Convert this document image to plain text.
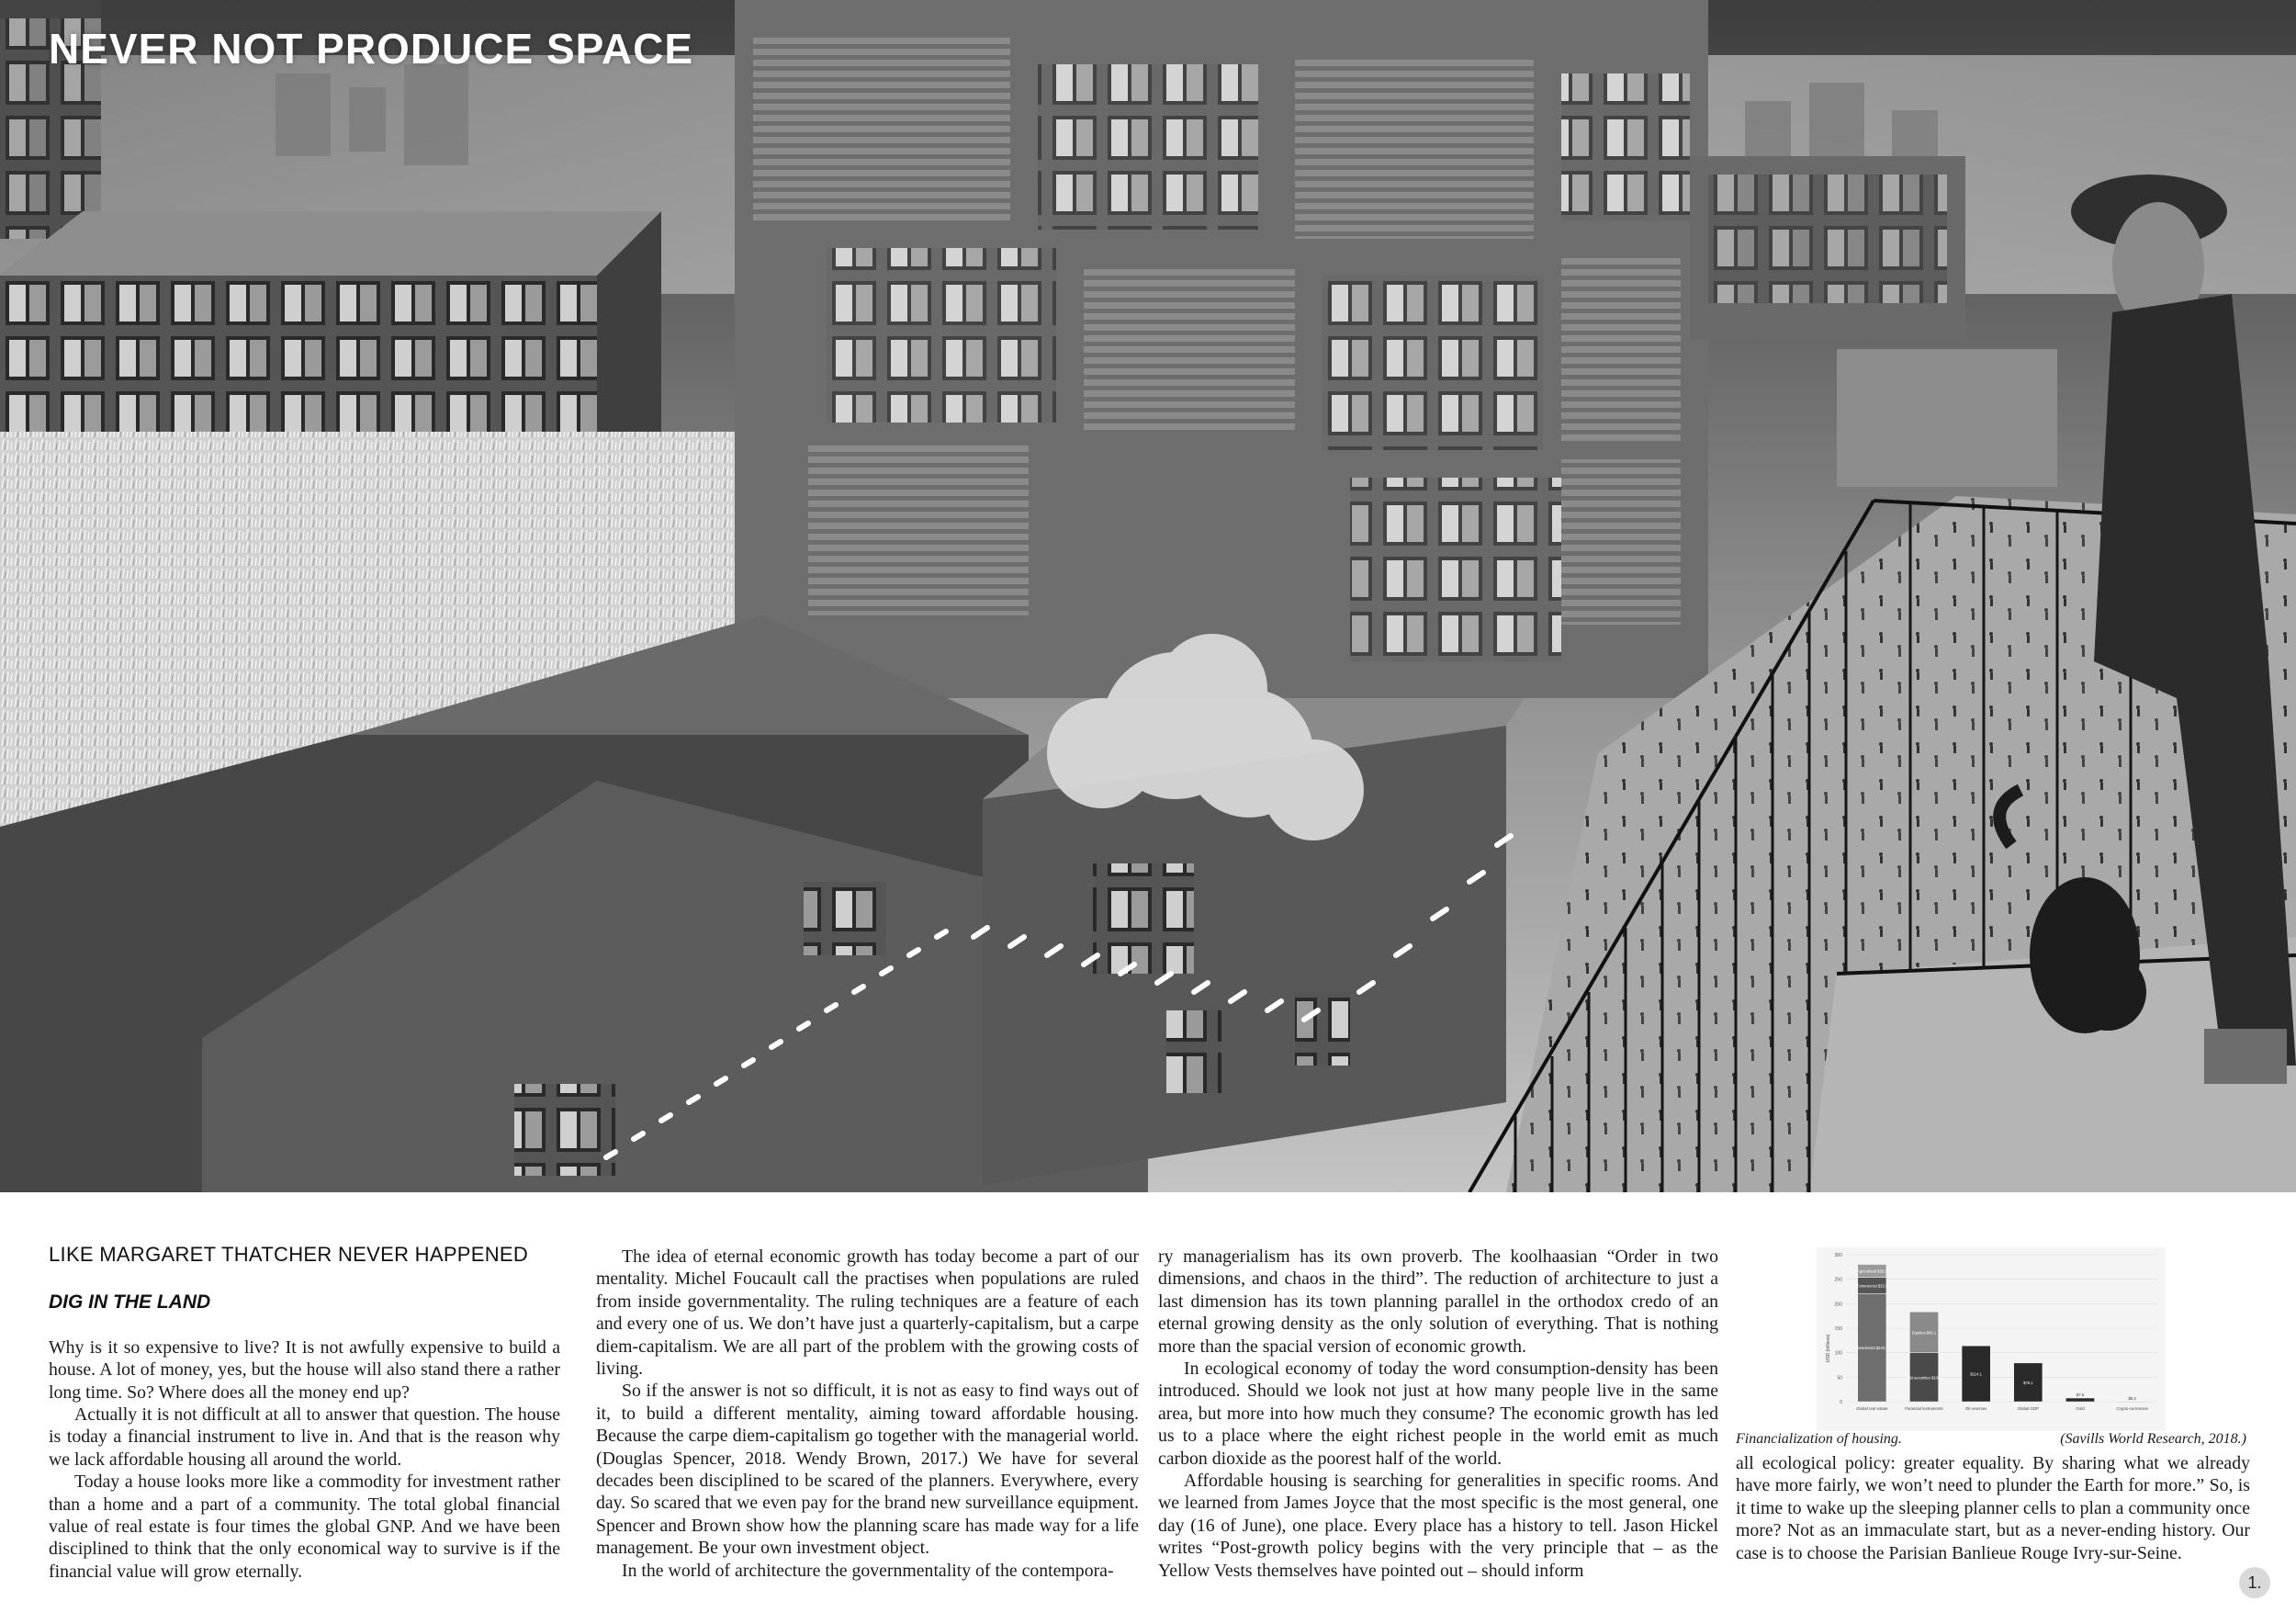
NEVER NOT PRODUCE SPACE
LIKE MARGARET THATCHER NEVER HAPPENED
DIG IN THE LAND

Why is it so expensive to live? It is not awfully expensive to build a house. A lot of money, yes, but the house will also stand there a rather long time. So? Where does all the money end up?

Actually it is not difficult at all to answer that question. The house is today a financial instrument to live in. And that is the reason why we lack affordable housing all around the world.

Today a house looks more like a commodity for investment rather than a home and a part of a community. The total global financial value of real estate is four times the global GNP. And we have been disciplined to think that the only economical way to survive is if the financial value will grow eternally.

The idea of eternal economic growth has today become a part of our mentality. Michel Foucault call the practises when populations are ruled from inside governmentality. The ruling techniques are a feature of each and every one of us. We don’t have just a quarterly-capitalism, but a carpe diem-capitalism. We are all part of the problem with the growing costs of living.

So if the answer is not so difficult, it is not as easy to find ways out of it, to build a different mentality, aiming toward affordable housing. Because the carpe diem-capitalism go together with the managerial world. (Douglas Spencer, 2018. Wendy Brown, 2017.) We have for several decades been disciplined to be scared of the planners. Everywhere, every day. So scared that we even pay for the brand new surveillance equipment. Spencer and Brown show how the planning scare has made way for a life management. Be your own investment object.

In the world of architecture the governmentality of the contempora-

ry managerialism has its own proverb. The koolhaasian “Order in two dimensions, and chaos in the third”. The reduction of architecture to just a last dimension has its town planning parallel in the orthodox credo of an eternal growing density as the only solution of everything. That is nothing more than the spacial version of economic growth.

In ecological economy of today the word consumption-density has been introduced. Should we look not just at how many people live in the same area, but more into how much they consume? The economic growth has led us to a place where the eight richest people in the world emit as much carbon dioxide as the poorest half of the world.

Affordable housing is searching for generalities in specific rooms. And we learned from James Joyce that the most specific is the most general, one day (16 of June), one place. Every place has a history to tell. Jason Hickel writes “Post-growth policy begins with the very principle that – as the Yellow Vests themselves have pointed out – should inform

0
50
100
150
200
250
300
Residential $220.6
Commercial $33.3
Agricultural $26.3
Global real estate
Debt securities $100.3
Equities $83.1
Financial instruments
$114.1
Oil reserves
$79.1
Global GDP
$7.5
Gold
$0.3
Crypto-currencies
USD (trillions)
Financialization of housing.	(Savills World Research, 2018.)

all ecological policy: greater equality. By sharing what we already have more fairly, we won’t need to plunder the Earth for more.” So, is it time to wake up the sleeping planner cells to plan a community once more? Not as an immaculate start, but as a never-ending history. Our case is to choose the Parisian Banlieue Rouge Ivry-sur-Seine.

1.
